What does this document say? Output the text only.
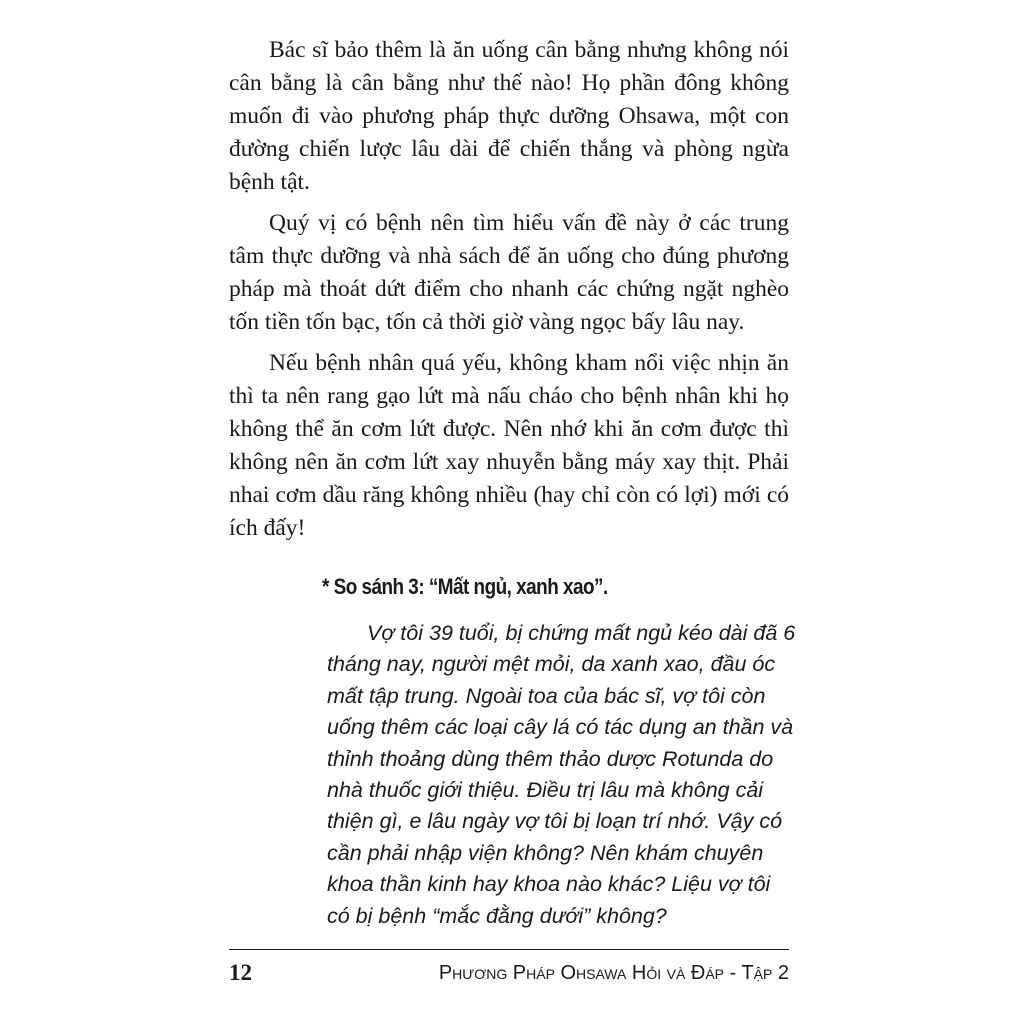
Bác sĩ bảo thêm là ăn uống cân bằng nhưng không nói cân bằng là cân bằng như thế nào! Họ phần đông không muốn đi vào phương pháp thực dưỡng Ohsawa, một con đường chiến lược lâu dài để chiến thắng và phòng ngừa bệnh tật.

Quý vị có bệnh nên tìm hiểu vấn đề này ở các trung tâm thực dưỡng và nhà sách để ăn uống cho đúng phương pháp mà thoát dứt điểm cho nhanh các chứng ngặt nghèo tốn tiền tốn bạc, tốn cả thời giờ vàng ngọc bấy lâu nay.

Nếu bệnh nhân quá yếu, không kham nổi việc nhịn ăn thì ta nên rang gạo lứt mà nấu cháo cho bệnh nhân khi họ không thể ăn cơm lứt được. Nên nhớ khi ăn cơm được thì không nên ăn cơm lứt xay nhuyễn bằng máy xay thịt. Phải nhai cơm dầu răng không nhiều (hay chỉ còn có lợi) mới có ích đấy!

* So sánh 3: “Mất ngủ, xanh xao”.

Vợ tôi 39 tuổi, bị chứng mất ngủ kéo dài đã 6 tháng nay, người mệt mỏi, da xanh xao, đầu óc mất tập trung. Ngoài toa của bác sĩ, vợ tôi còn uống thêm các loại cây lá có tác dụng an thần và thỉnh thoảng dùng thêm thảo dược Rotunda do nhà thuốc giới thiệu. Điều trị lâu mà không cải thiện gì, e lâu ngày vợ tôi bị loạn trí nhớ. Vậy có cần phải nhập viện không? Nên khám chuyên khoa thần kinh hay khoa nào khác? Liệu vợ tôi có bị bệnh “mắc đằng dưới” không?

12	Phương Pháp Ohsawa Hỏi và Đáp - Tập 2
